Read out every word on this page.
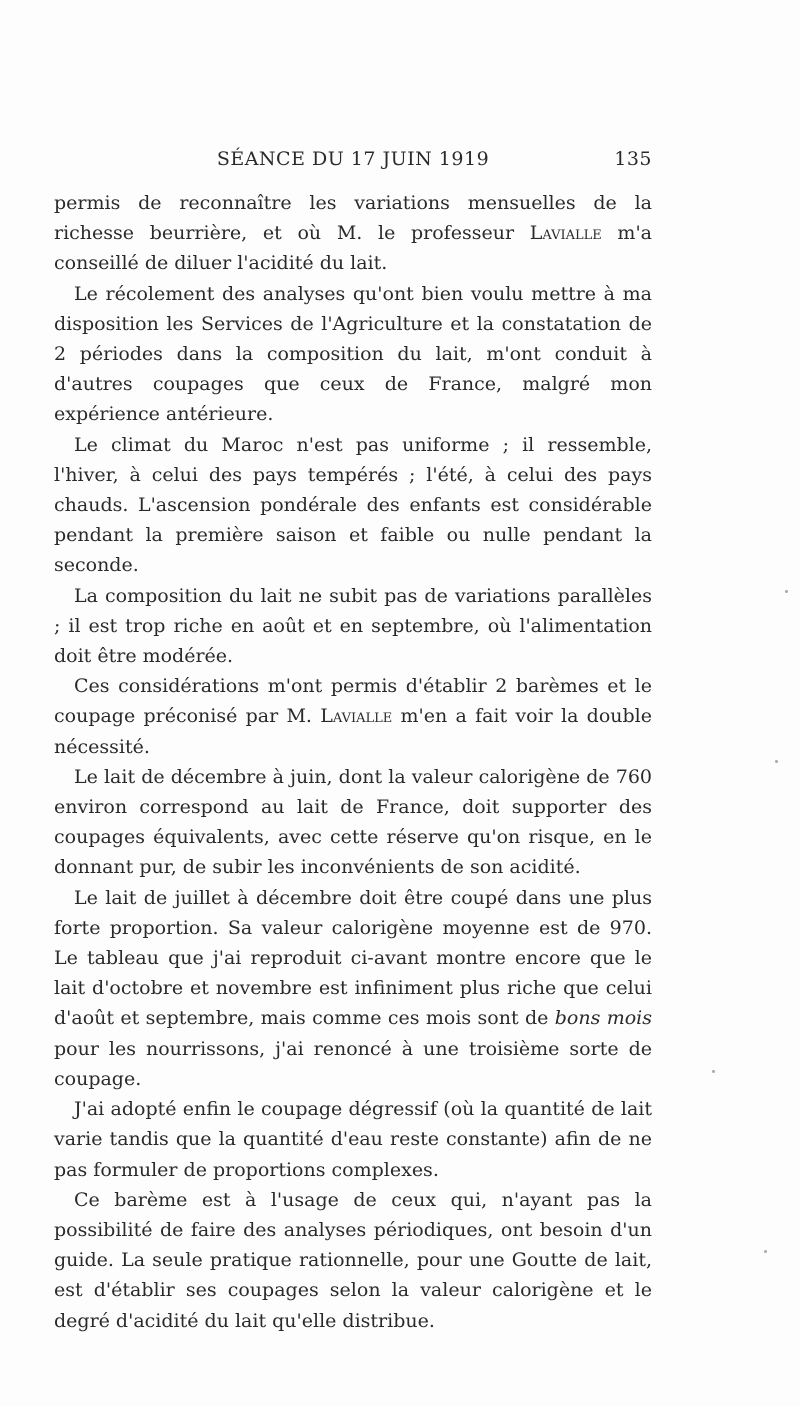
SÉANCE DU 17 JUIN 1919	135

permis de reconnaître les variations mensuelles de la richesse beurrière, et où M. le professeur Lavialle m'a conseillé de diluer l'acidité du lait.

Le récolement des analyses qu'ont bien voulu mettre à ma disposition les Services de l'Agriculture et la constatation de 2 périodes dans la composition du lait, m'ont conduit à d'autres coupages que ceux de France, malgré mon expérience antérieure.

Le climat du Maroc n'est pas uniforme ; il ressemble, l'hiver, à celui des pays tempérés ; l'été, à celui des pays chauds. L'ascension pondérale des enfants est considérable pendant la première saison et faible ou nulle pendant la seconde.

La composition du lait ne subit pas de variations parallèles ; il est trop riche en août et en septembre, où l'alimentation doit être modérée.

Ces considérations m'ont permis d'établir 2 barèmes et le coupage préconisé par M. Lavialle m'en a fait voir la double nécessité.

Le lait de décembre à juin, dont la valeur calorigène de 760 environ correspond au lait de France, doit supporter des coupages équivalents, avec cette réserve qu'on risque, en le donnant pur, de subir les inconvénients de son acidité.

Le lait de juillet à décembre doit être coupé dans une plus forte proportion. Sa valeur calorigène moyenne est de 970. Le tableau que j'ai reproduit ci-avant montre encore que le lait d'octobre et novembre est infiniment plus riche que celui d'août et septembre, mais comme ces mois sont de bons mois pour les nourrissons, j'ai renoncé à une troisième sorte de coupage.

J'ai adopté enfin le coupage dégressif (où la quantité de lait varie tandis que la quantité d'eau reste constante) afin de ne pas formuler de proportions complexes.

Ce barème est à l'usage de ceux qui, n'ayant pas la possibilité de faire des analyses périodiques, ont besoin d'un guide. La seule pratique rationnelle, pour une Goutte de lait, est d'établir ses coupages selon la valeur calorigène et le degré d'acidité du lait qu'elle distribue.
